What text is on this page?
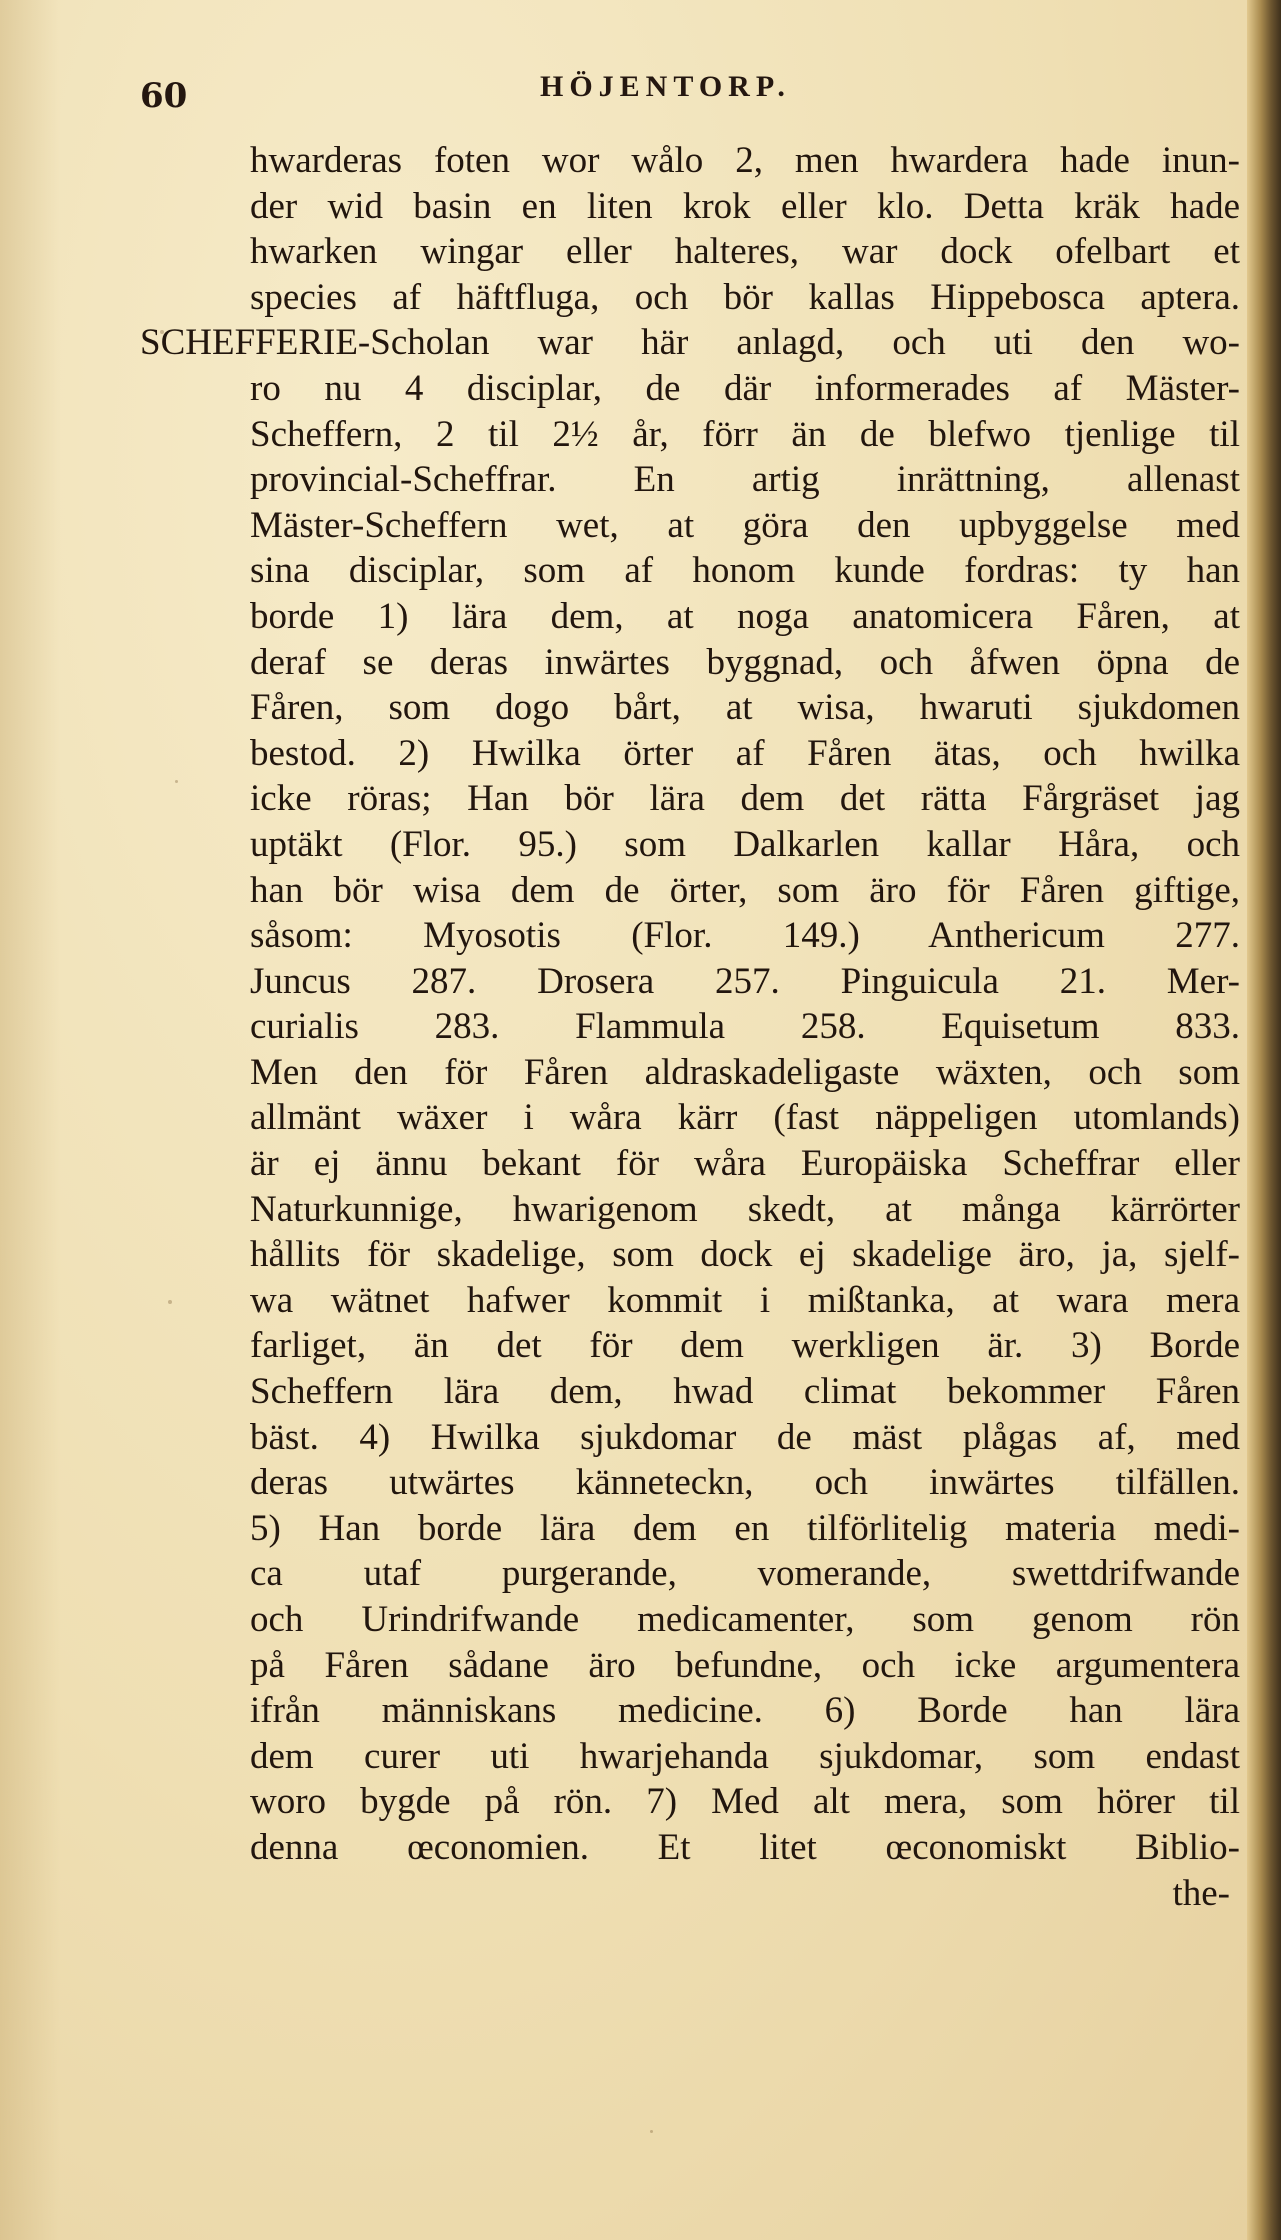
60	HÖJENTORP.
hwarderas foten wor wålo 2, men hwardera hade inun-
der wid basin en liten krok eller klo. Detta kräk hade
hwarken wingar eller halteres, war dock ofelbart et
species af häftfluga, och bör kallas Hippebosca aptera.
SCHEFFERIE-Scholan war här anlagd, och uti den wo-
ro nu 4 disciplar, de där informerades af Mäster-
Scheffern, 2 til 2½ år, förr än de blefwo tjenlige til
provincial-Scheffrar. En artig inrättning, allenast
Mäster-Scheffern wet, at göra den upbyggelse med
sina disciplar, som af honom kunde fordras: ty han
borde 1) lära dem, at noga anatomicera Fåren, at
deraf se deras inwärtes byggnad, och åfwen öpna de
Fåren, som dogo bårt, at wisa, hwaruti sjukdomen
bestod. 2) Hwilka örter af Fåren ätas, och hwilka
icke röras; Han bör lära dem det rätta Fårgräset jag
uptäkt (Flor. 95.) som Dalkarlen kallar Håra, och
han bör wisa dem de örter, som äro för Fåren giftige,
såsom: Myosotis (Flor. 149.) Anthericum 277.
Juncus 287. Drosera 257. Pinguicula 21. Mer-
curialis 283. Flammula 258. Equisetum 833.
Men den för Fåren aldraskadeligaste wäxten, och som
allmänt wäxer i wåra kärr (fast näppeligen utomlands)
är ej ännu bekant för wåra Europäiska Scheffrar eller
Naturkunnige, hwarigenom skedt, at många kärrörter
hållits för skadelige, som dock ej skadelige äro, ja, sjelf-
wa wätnet hafwer kommit i mißtanka, at wara mera
farliget, än det för dem werkligen är. 3) Borde
Scheffern lära dem, hwad climat bekommer Fåren
bäst. 4) Hwilka sjukdomar de mäst plågas af, med
deras utwärtes känneteckn, och inwärtes tilfällen.
5) Han borde lära dem en tilförlitelig materia medi-
ca utaf purgerande, vomerande, swettdrifwande
och Urindrifwande medicamenter, som genom rön
på Fåren sådane äro befundne, och icke argumentera
ifrån människans medicine. 6) Borde han lära
dem curer uti hwarjehanda sjukdomar, som endast
woro bygde på rön. 7) Med alt mera, som hörer til
denna œconomien. Et litet œconomiskt Biblio-
the-
